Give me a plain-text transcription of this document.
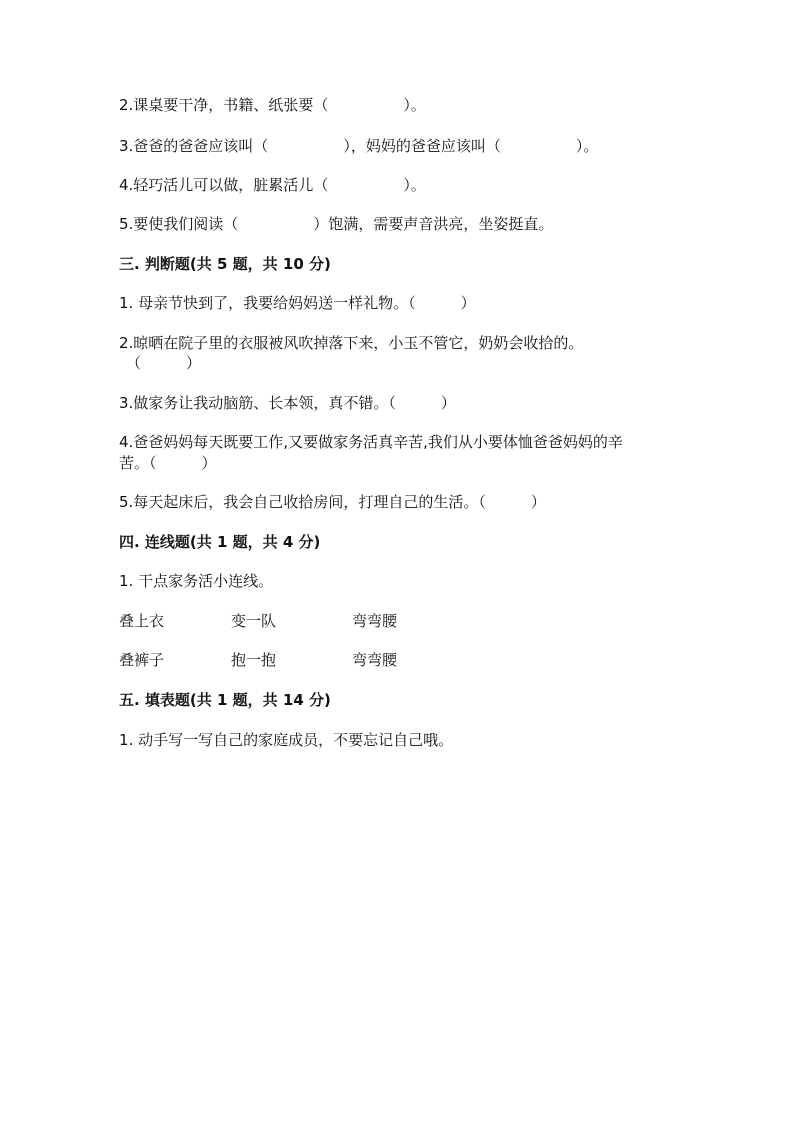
2.课桌要干净，书籍、纸张要（　　　　　）。
3.爸爸的爸爸应该叫（　　　　　），妈妈的爸爸应该叫（　　　　　）。
4.轻巧活儿可以做，脏累活儿（　　　　　）。
5.要使我们阅读（　　　　　）饱满，需要声音洪亮，坐姿挺直。
三. 判断题(共 5 题，共 10 分)
1. 母亲节快到了，我要给妈妈送一样礼物。（　　　）
2.晾晒在院子里的衣服被风吹掉落下来，小玉不管它，奶奶会收拾的。
（　　　）
3.做家务让我动脑筋、长本领，真不错。（　　　）
4.爸爸妈妈每天既要工作,又要做家务活真辛苦,我们从小要体恤爸爸妈妈的辛
苦。（　　　）
5.每天起床后，我会自己收拾房间，打理自己的生活。（　　　）
四. 连线题(共 1 题，共 4 分)
1. 干点家务活小连线。
叠上衣	变一队	弯弯腰
叠裤子	抱一抱	弯弯腰
五. 填表题(共 1 题，共 14 分)
1. 动手写一写自己的家庭成员，不要忘记自己哦。
